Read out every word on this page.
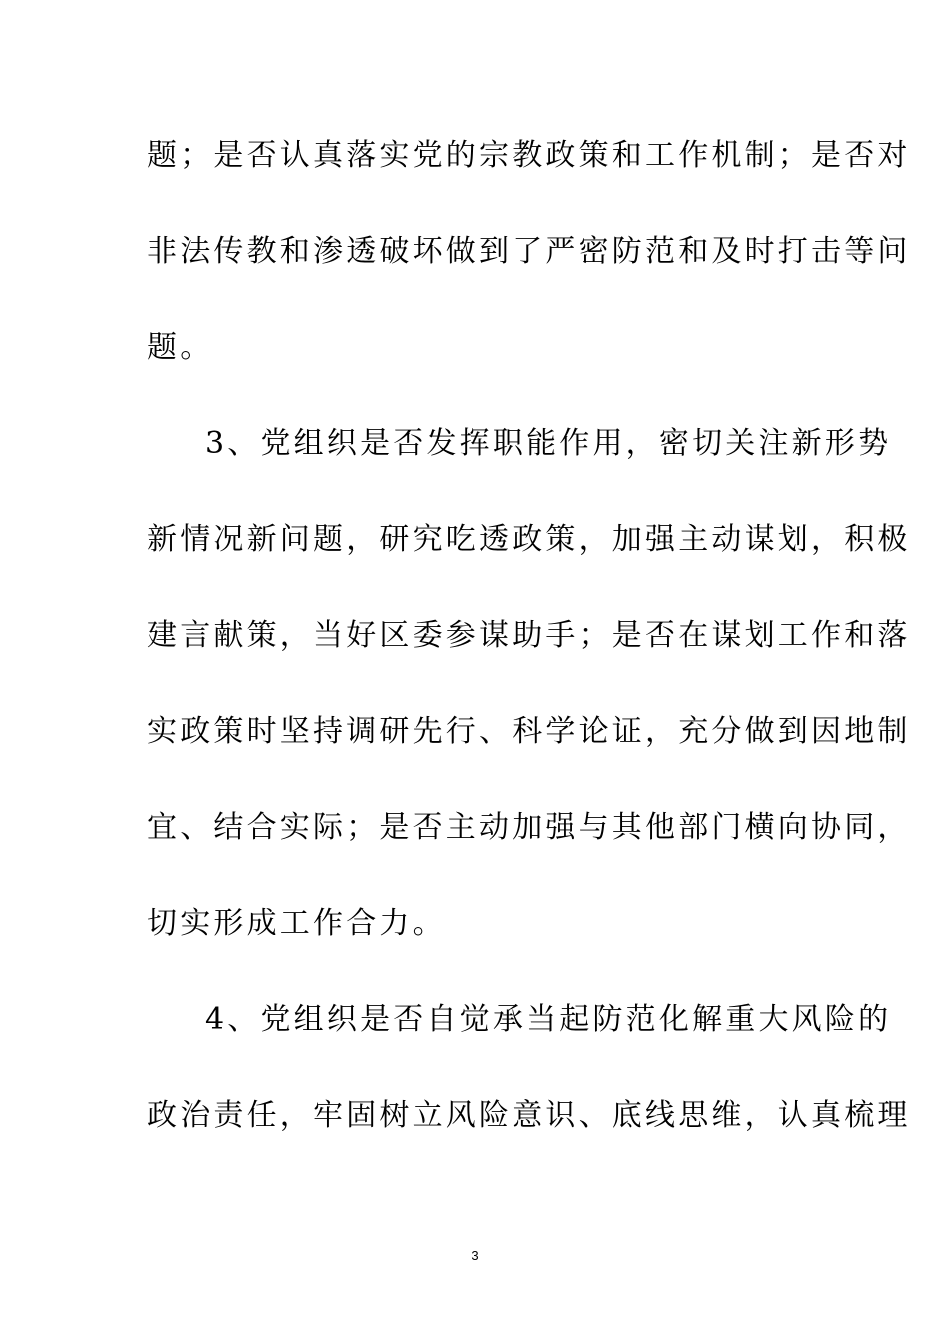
题；是否认真落实党的宗教政策和工作机制；是否对
非法传教和渗透破坏做到了严密防范和及时打击等问
题。
3、党组织是否发挥职能作用，密切关注新形势
新情况新问题，研究吃透政策，加强主动谋划，积极
建言献策，当好区委参谋助手；是否在谋划工作和落
实政策时坚持调研先行、科学论证，充分做到因地制
宜、结合实际；是否主动加强与其他部门横向协同，
切实形成工作合力。
4、党组织是否自觉承当起防范化解重大风险的
政治责任，牢固树立风险意识、底线思维，认真梳理
3
